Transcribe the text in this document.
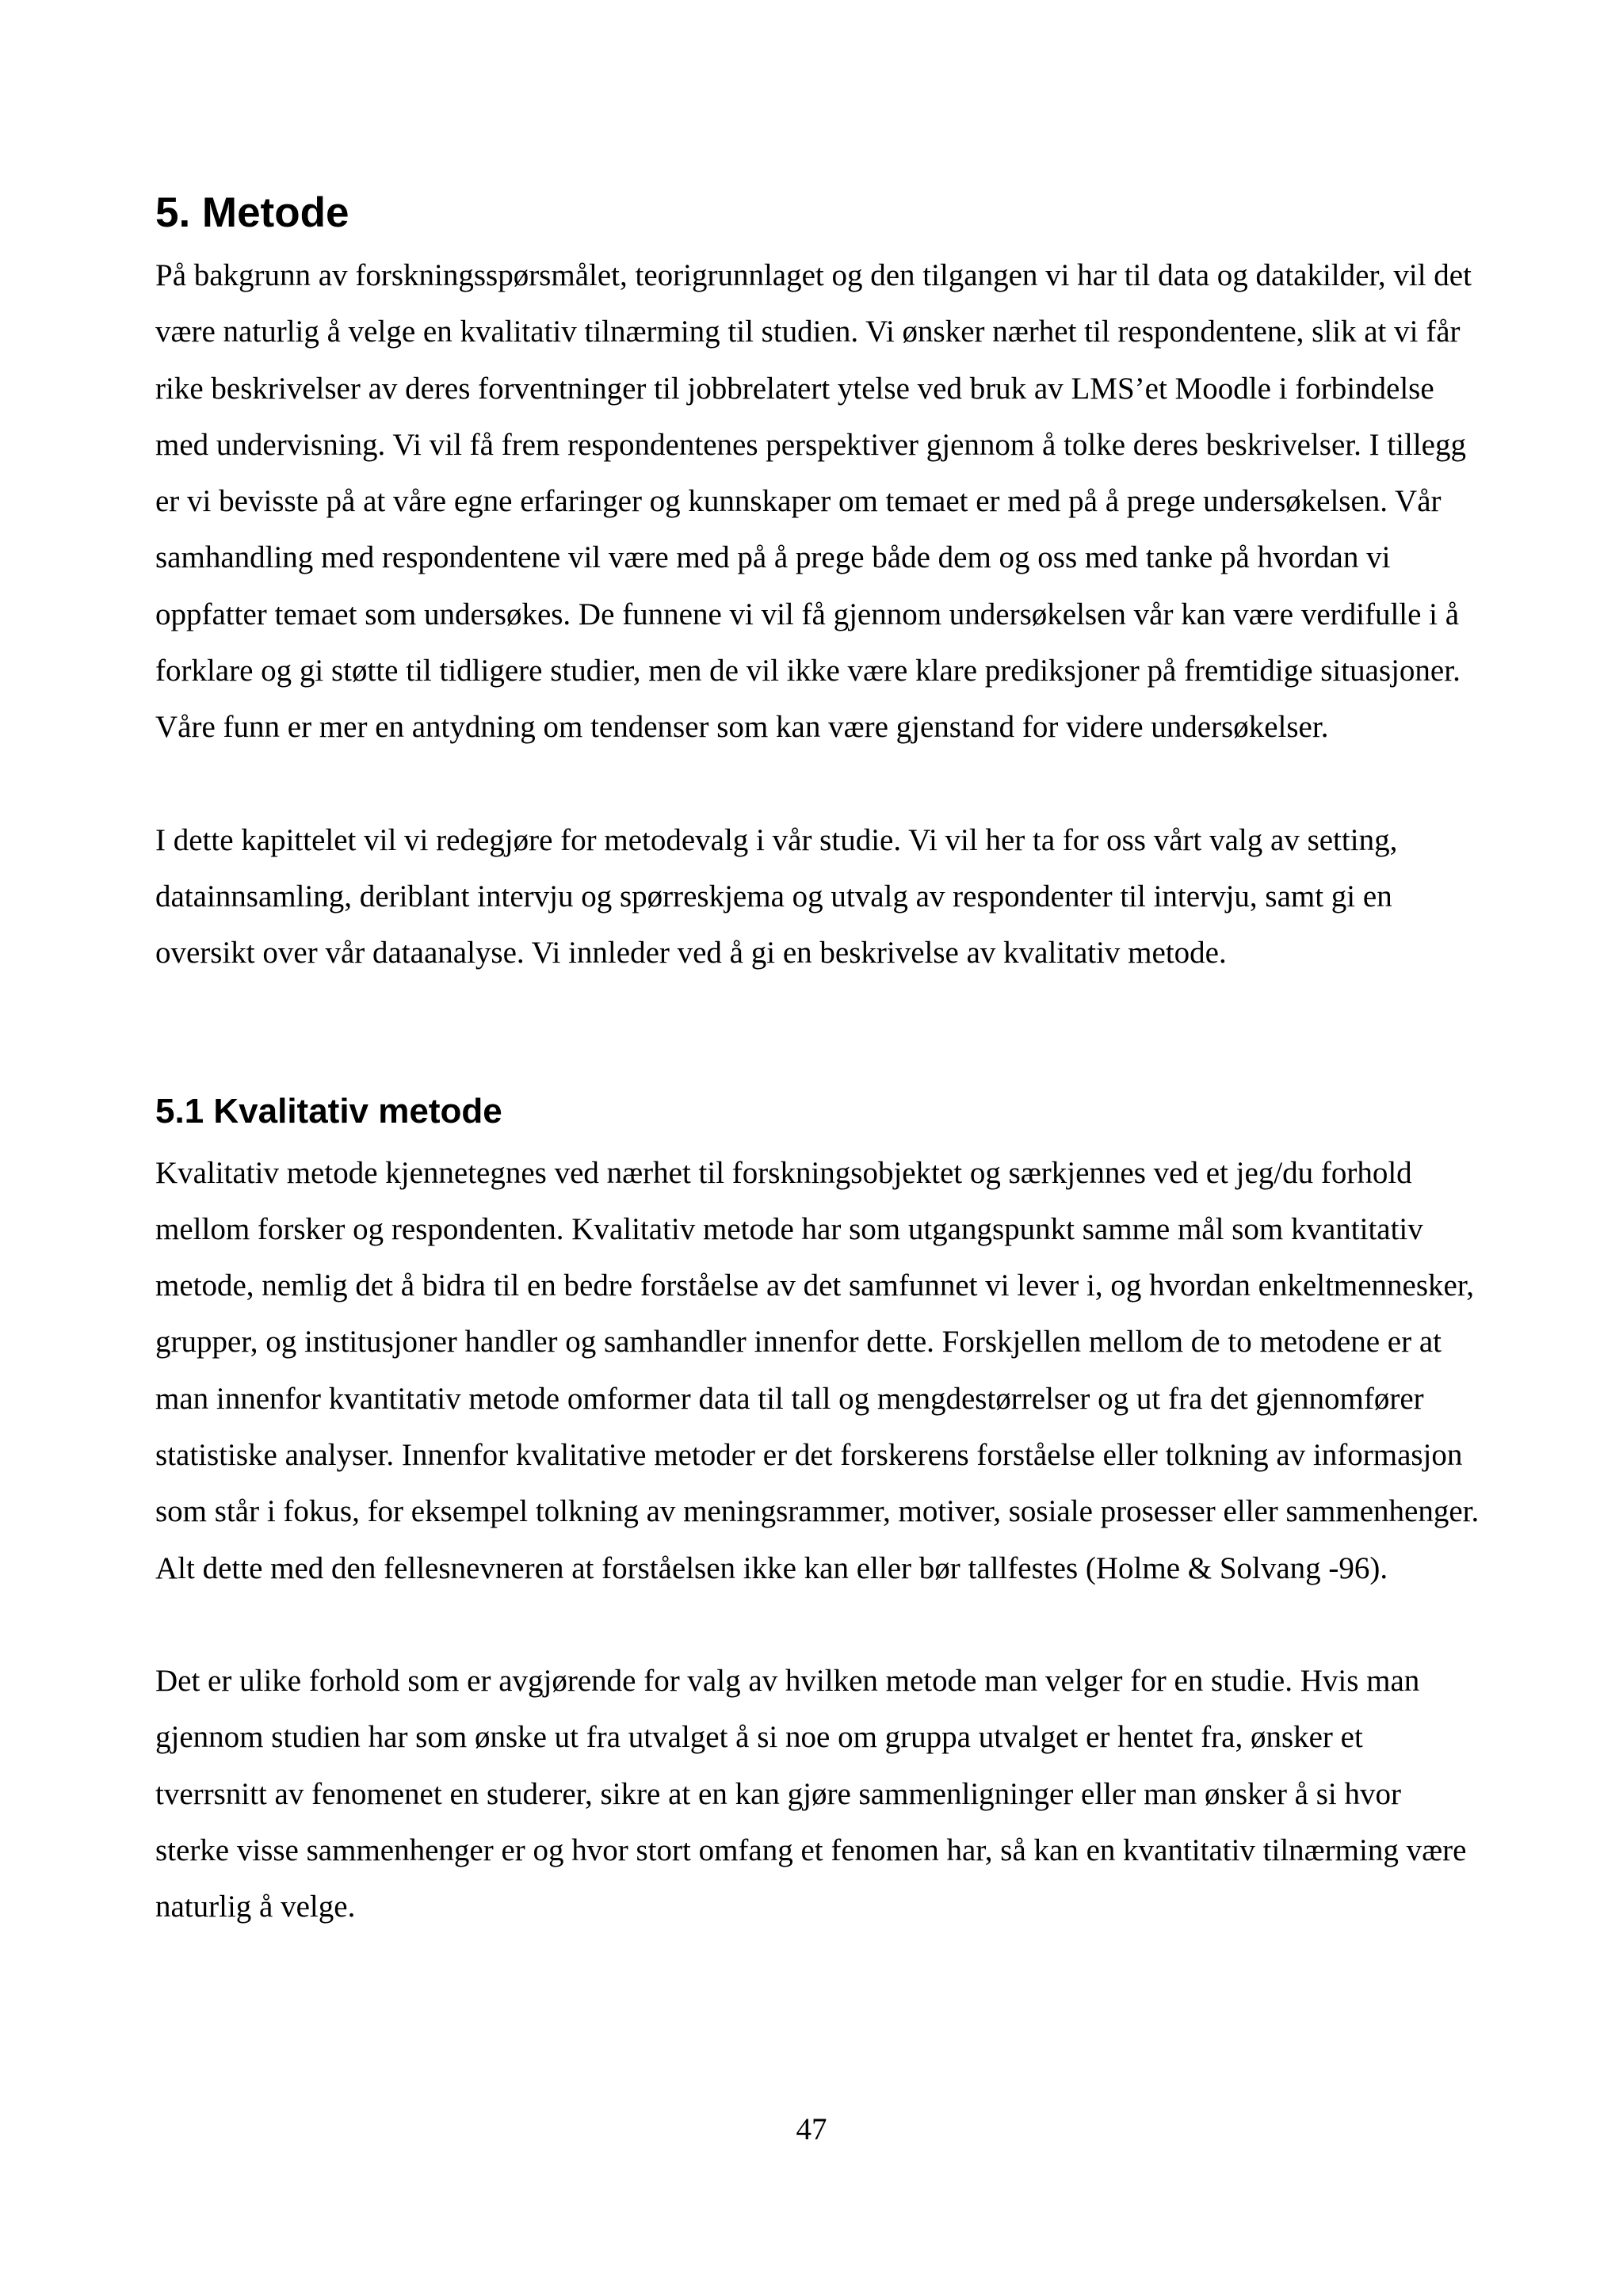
5. Metode

På bakgrunn av forskningsspørsmålet, teorigrunnlaget og den tilgangen vi har til data og datakilder, vil det være naturlig å velge en kvalitativ tilnærming til studien. Vi ønsker nærhet til respondentene, slik at vi får rike beskrivelser av deres forventninger til jobbrelatert ytelse ved bruk av LMS’et Moodle i forbindelse med undervisning. Vi vil få frem respondentenes perspektiver gjennom å tolke deres beskrivelser. I tillegg er vi bevisste på at våre egne erfaringer og kunnskaper om temaet er med på å prege undersøkelsen. Vår samhandling med respondentene vil være med på å prege både dem og oss med tanke på hvordan vi oppfatter temaet som undersøkes. De funnene vi vil få gjennom undersøkelsen vår kan være verdifulle i å forklare og gi støtte til tidligere studier, men de vil ikke være klare prediksjoner på fremtidige situasjoner. Våre funn er mer en antydning om tendenser som kan være gjenstand for videre undersøkelser.

I dette kapittelet vil vi redegjøre for metodevalg i vår studie. Vi vil her ta for oss vårt valg av setting, datainnsamling, deriblant intervju og spørreskjema og utvalg av respondenter til intervju, samt gi en oversikt over vår dataanalyse. Vi innleder ved å gi en beskrivelse av kvalitativ metode.

5.1 Kvalitativ metode

Kvalitativ metode kjennetegnes ved nærhet til forskningsobjektet og særkjennes ved et jeg/du forhold mellom forsker og respondenten. Kvalitativ metode har som utgangspunkt samme mål som kvantitativ metode, nemlig det å bidra til en bedre forståelse av det samfunnet vi lever i, og hvordan enkeltmennesker, grupper, og institusjoner handler og samhandler innenfor dette. Forskjellen mellom de to metodene er at man innenfor kvantitativ metode omformer data til tall og mengdestørrelser og ut fra det gjennomfører statistiske analyser. Innenfor kvalitative metoder er det forskerens forståelse eller tolkning av informasjon som står i fokus, for eksempel tolkning av meningsrammer, motiver, sosiale prosesser eller sammenhenger. Alt dette med den fellesnevneren at forståelsen ikke kan eller bør tallfestes (Holme & Solvang -96).

Det er ulike forhold som er avgjørende for valg av hvilken metode man velger for en studie. Hvis man gjennom studien har som ønske ut fra utvalget å si noe om gruppa utvalget er hentet fra, ønsker et tverrsnitt av fenomenet en studerer, sikre at en kan gjøre sammenligninger eller man ønsker å si hvor sterke visse sammenhenger er og hvor stort omfang et fenomen har, så kan en kvantitativ tilnærming være naturlig å velge.

47
